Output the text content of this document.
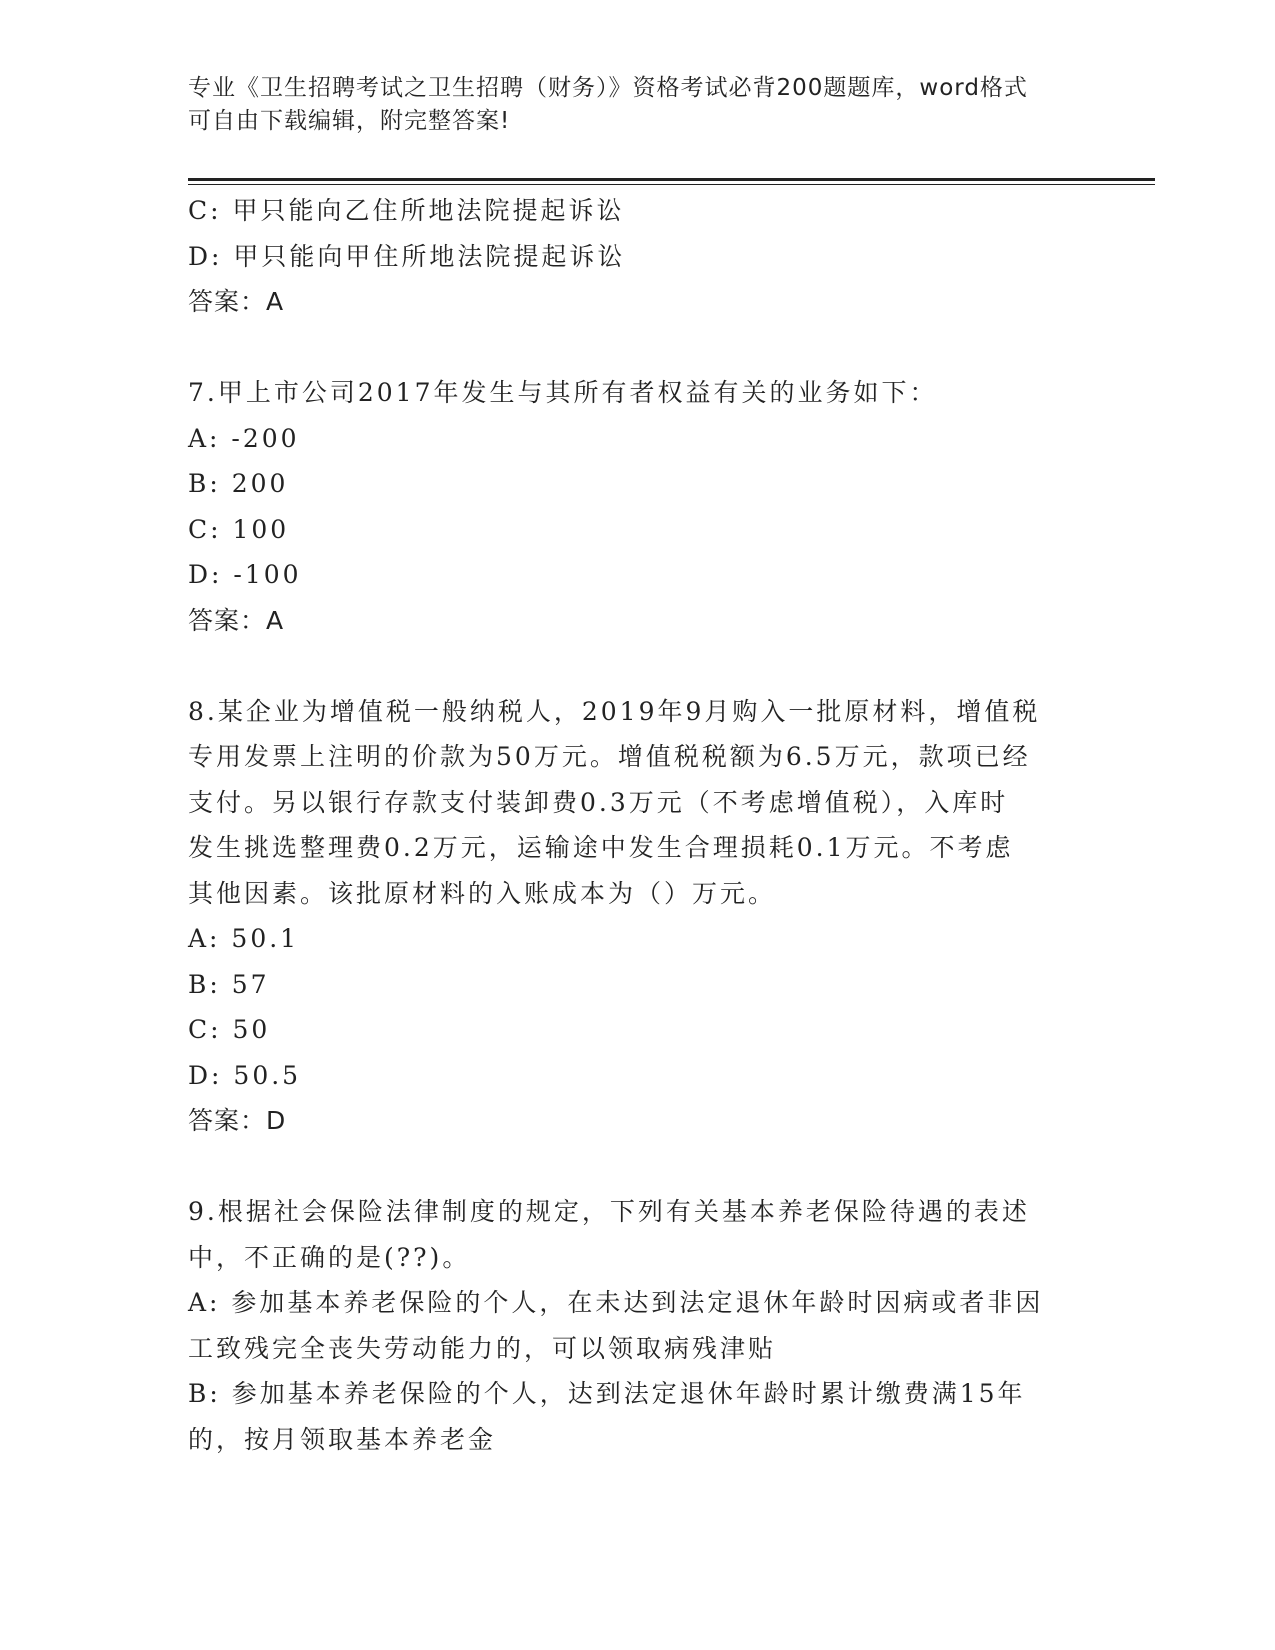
专业《卫生招聘考试之卫生招聘（财务）》资格考试必背200题题库，word格式
可自由下载编辑，附完整答案!
C: 甲只能向乙住所地法院提起诉讼
D: 甲只能向甲住所地法院提起诉讼
答案：A
7.甲上市公司2017年发生与其所有者权益有关的业务如下：
A: -200
B: 200
C: 100
D: -100
答案：A
8.某企业为增值税一般纳税人，2019年9月购入一批原材料，增值税
专用发票上注明的价款为50万元。增值税税额为6.5万元，款项已经
支付。另以银行存款支付装卸费0.3万元（不考虑增值税），入库时
发生挑选整理费0.2万元，运输途中发生合理损耗0.1万元。不考虑
其他因素。该批原材料的入账成本为（）万元。
A: 50.1
B: 57
C: 50
D: 50.5
答案：D
9.根据社会保险法律制度的规定，下列有关基本养老保险待遇的表述
中，不正确的是(??)。
A: 参加基本养老保险的个人，在未达到法定退休年龄时因病或者非因
工致残完全丧失劳动能力的，可以领取病残津贴
B: 参加基本养老保险的个人，达到法定退休年龄时累计缴费满15年
的，按月领取基本养老金
